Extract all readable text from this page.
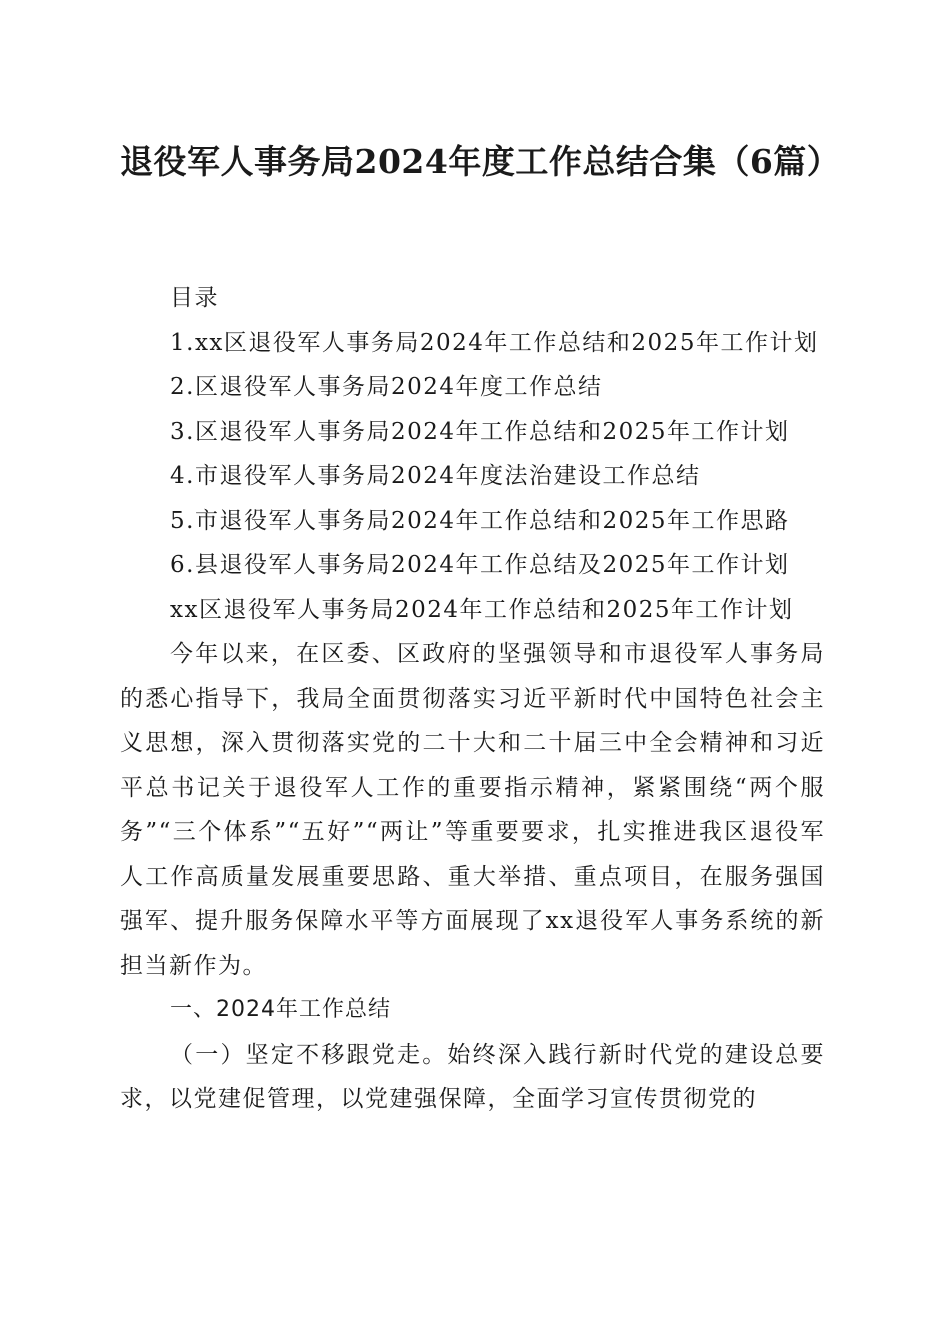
退役军人事务局2024年度工作总结合集（6篇）

目录

1.xx区退役军人事务局2024年工作总结和2025年工作计划

2.区退役军人事务局2024年度工作总结

3.区退役军人事务局2024年工作总结和2025年工作计划

4.市退役军人事务局2024年度法治建设工作总结

5.市退役军人事务局2024年工作总结和2025年工作思路

6.县退役军人事务局2024年工作总结及2025年工作计划

xx区退役军人事务局2024年工作总结和2025年工作计划

今年以来，在区委、区政府的坚强领导和市退役军人事务局的悉心指导下，我局全面贯彻落实习近平新时代中国特色社会主义思想，深入贯彻落实党的二十大和二十届三中全会精神和习近平总书记关于退役军人工作的重要指示精神，紧紧围绕“两个服务”“三个体系”“五好”“两让”等重要要求，扎实推进我区退役军人工作高质量发展重要思路、重大举措、重点项目，在服务强国强军、提升服务保障水平等方面展现了xx退役军人事务系统的新担当新作为。

一、2024年工作总结

（一）坚定不移跟党走。始终深入践行新时代党的建设总要求，以党建促管理，以党建强保障，全面学习宣传贯彻党的
